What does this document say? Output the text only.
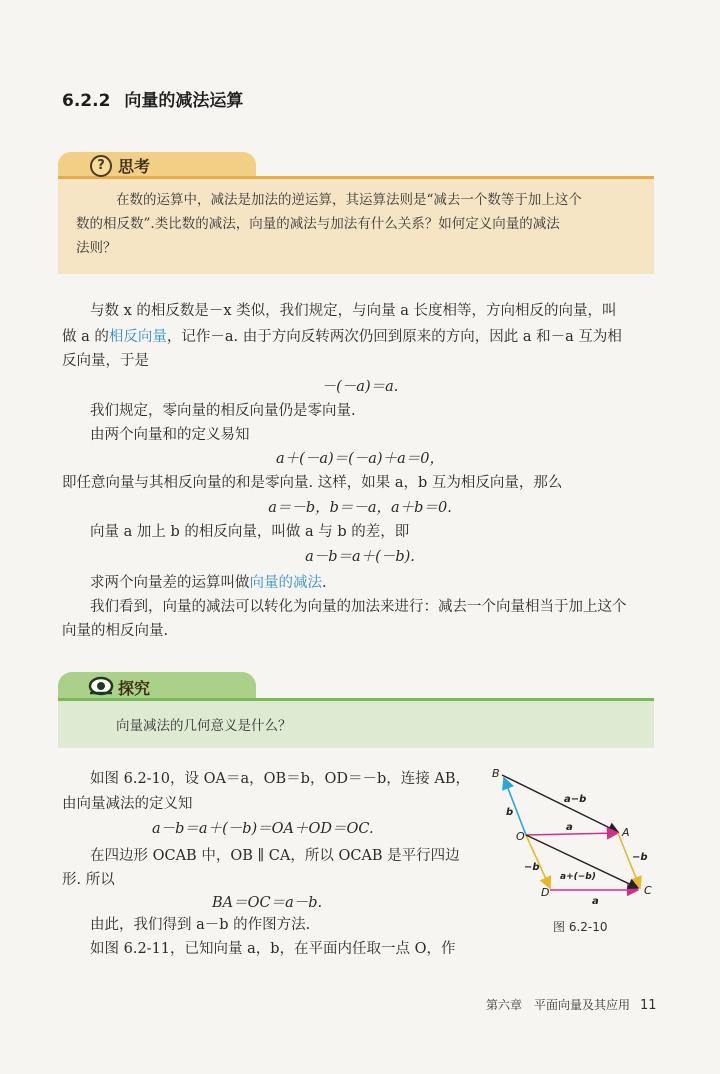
6.2.2 向量的减法运算
? 思考
在数的运算中，减法是加法的逆运算，其运算法则是“减去一个数等于加上这个
数的相反数”.类比数的减法，向量的减法与加法有什么关系？如何定义向量的减法
法则？
与数 x 的相反数是－x 类似，我们规定，与向量 a 长度相等，方向相反的向量，叫
做 a 的相反向量，记作－a. 由于方向反转两次仍回到原来的方向，因此 a 和－a 互为相
反向量，于是
－(－a)＝a.
我们规定，零向量的相反向量仍是零向量.
由两个向量和的定义易知
a＋(－a)＝(－a)＋a＝0，
即任意向量与其相反向量的和是零向量. 这样，如果 a，b 互为相反向量，那么
a＝－b，b＝－a，a＋b＝0.
向量 a 加上 b 的相反向量，叫做 a 与 b 的差，即
a－b＝a＋(－b).
求两个向量差的运算叫做向量的减法.
我们看到，向量的减法可以转化为向量的加法来进行：减去一个向量相当于加上这个
向量的相反向量.
探究
向量减法的几何意义是什么？
如图 6.2-10，设 OA＝a，OB＝b，OD＝－b，连接 AB，
由向量减法的定义知
a－b＝a＋(－b)＝OA＋OD＝OC.
在四边形 OCAB 中，OB ∥ CA，所以 OCAB 是平行四边
形. 所以
BA＝OC＝a－b.
由此，我们得到 a－b 的作图方法.
如图 6.2-11，已知向量 a，b，在平面内任取一点 O，作
B
O	A
D	C
a−b
b
a
−b
−b
a+(−b)
a
图 6.2-10
第六章　平面向量及其应用 11
